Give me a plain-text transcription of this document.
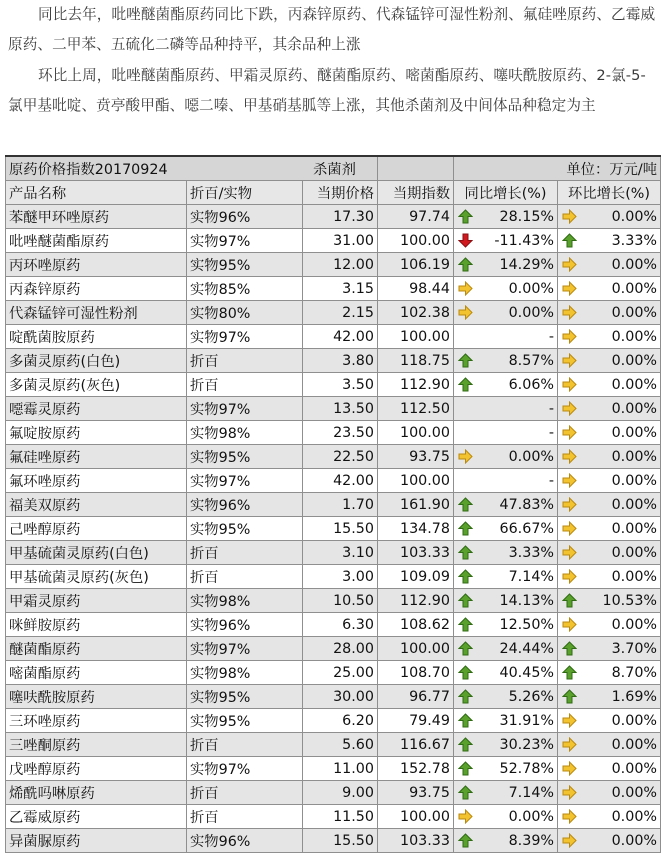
同比去年，吡唑醚菌酯原药同比下跌，丙森锌原药、代森锰锌可湿性粉剂、氟硅唑原药、乙霉威原药、二甲苯、五硫化二磷等品种持平，其余品种上涨

环比上周，吡唑醚菌酯原药、甲霜灵原药、醚菌酯原药、嘧菌酯原药、噻呋酰胺原药、2-氯-5-氯甲基吡啶、贲亭酸甲酯、噁二嗪、甲基硝基胍等上涨，其他杀菌剂及中间体品种稳定为主

原药价格指数20170924			杀菌剂	单位：万元/吨	
产品名称	折百/实物	当期价格	当期指数	同比增长(%)	环比增长(%)
苯醚甲环唑原药	实物96%	17.30	97.74	28.15%	0.00%
吡唑醚菌酯原药	实物97%	31.00	100.00	-11.43%	3.33%
丙环唑原药	实物95%	12.00	106.19	14.29%	0.00%
丙森锌原药	实物85%	3.15	98.44	0.00%	0.00%
代森锰锌可湿性粉剂	实物80%	2.15	102.38	0.00%	0.00%
啶酰菌胺原药	实物97%	42.00	100.00	-	0.00%
多菌灵原药(白色)	折百	3.80	118.75	8.57%	0.00%
多菌灵原药(灰色)	折百	3.50	112.90	6.06%	0.00%
噁霉灵原药	实物97%	13.50	112.50	-	0.00%
氟啶胺原药	实物98%	23.50	100.00	-	0.00%
氟硅唑原药	实物95%	22.50	93.75	0.00%	0.00%
氟环唑原药	实物97%	42.00	100.00	-	0.00%
福美双原药	实物96%	1.70	161.90	47.83%	0.00%
己唑醇原药	实物95%	15.50	134.78	66.67%	0.00%
甲基硫菌灵原药(白色)	折百	3.10	103.33	3.33%	0.00%
甲基硫菌灵原药(灰色)	折百	3.00	109.09	7.14%	0.00%
甲霜灵原药	实物98%	10.50	112.90	14.13%	10.53%
咪鲜胺原药	实物96%	6.30	108.62	12.50%	0.00%
醚菌酯原药	实物97%	28.00	100.00	24.44%	3.70%
嘧菌酯原药	实物98%	25.00	108.70	40.45%	8.70%
噻呋酰胺原药	实物95%	30.00	96.77	5.26%	1.69%
三环唑原药	实物95%	6.20	79.49	31.91%	0.00%
三唑酮原药	折百	5.60	116.67	30.23%	0.00%
戊唑醇原药	实物97%	11.00	152.78	52.78%	0.00%
烯酰吗啉原药	折百	9.00	93.75	7.14%	0.00%
乙霉威原药	折百	11.50	100.00	0.00%	0.00%
异菌脲原药	实物96%	15.50	103.33	8.39%	0.00%
